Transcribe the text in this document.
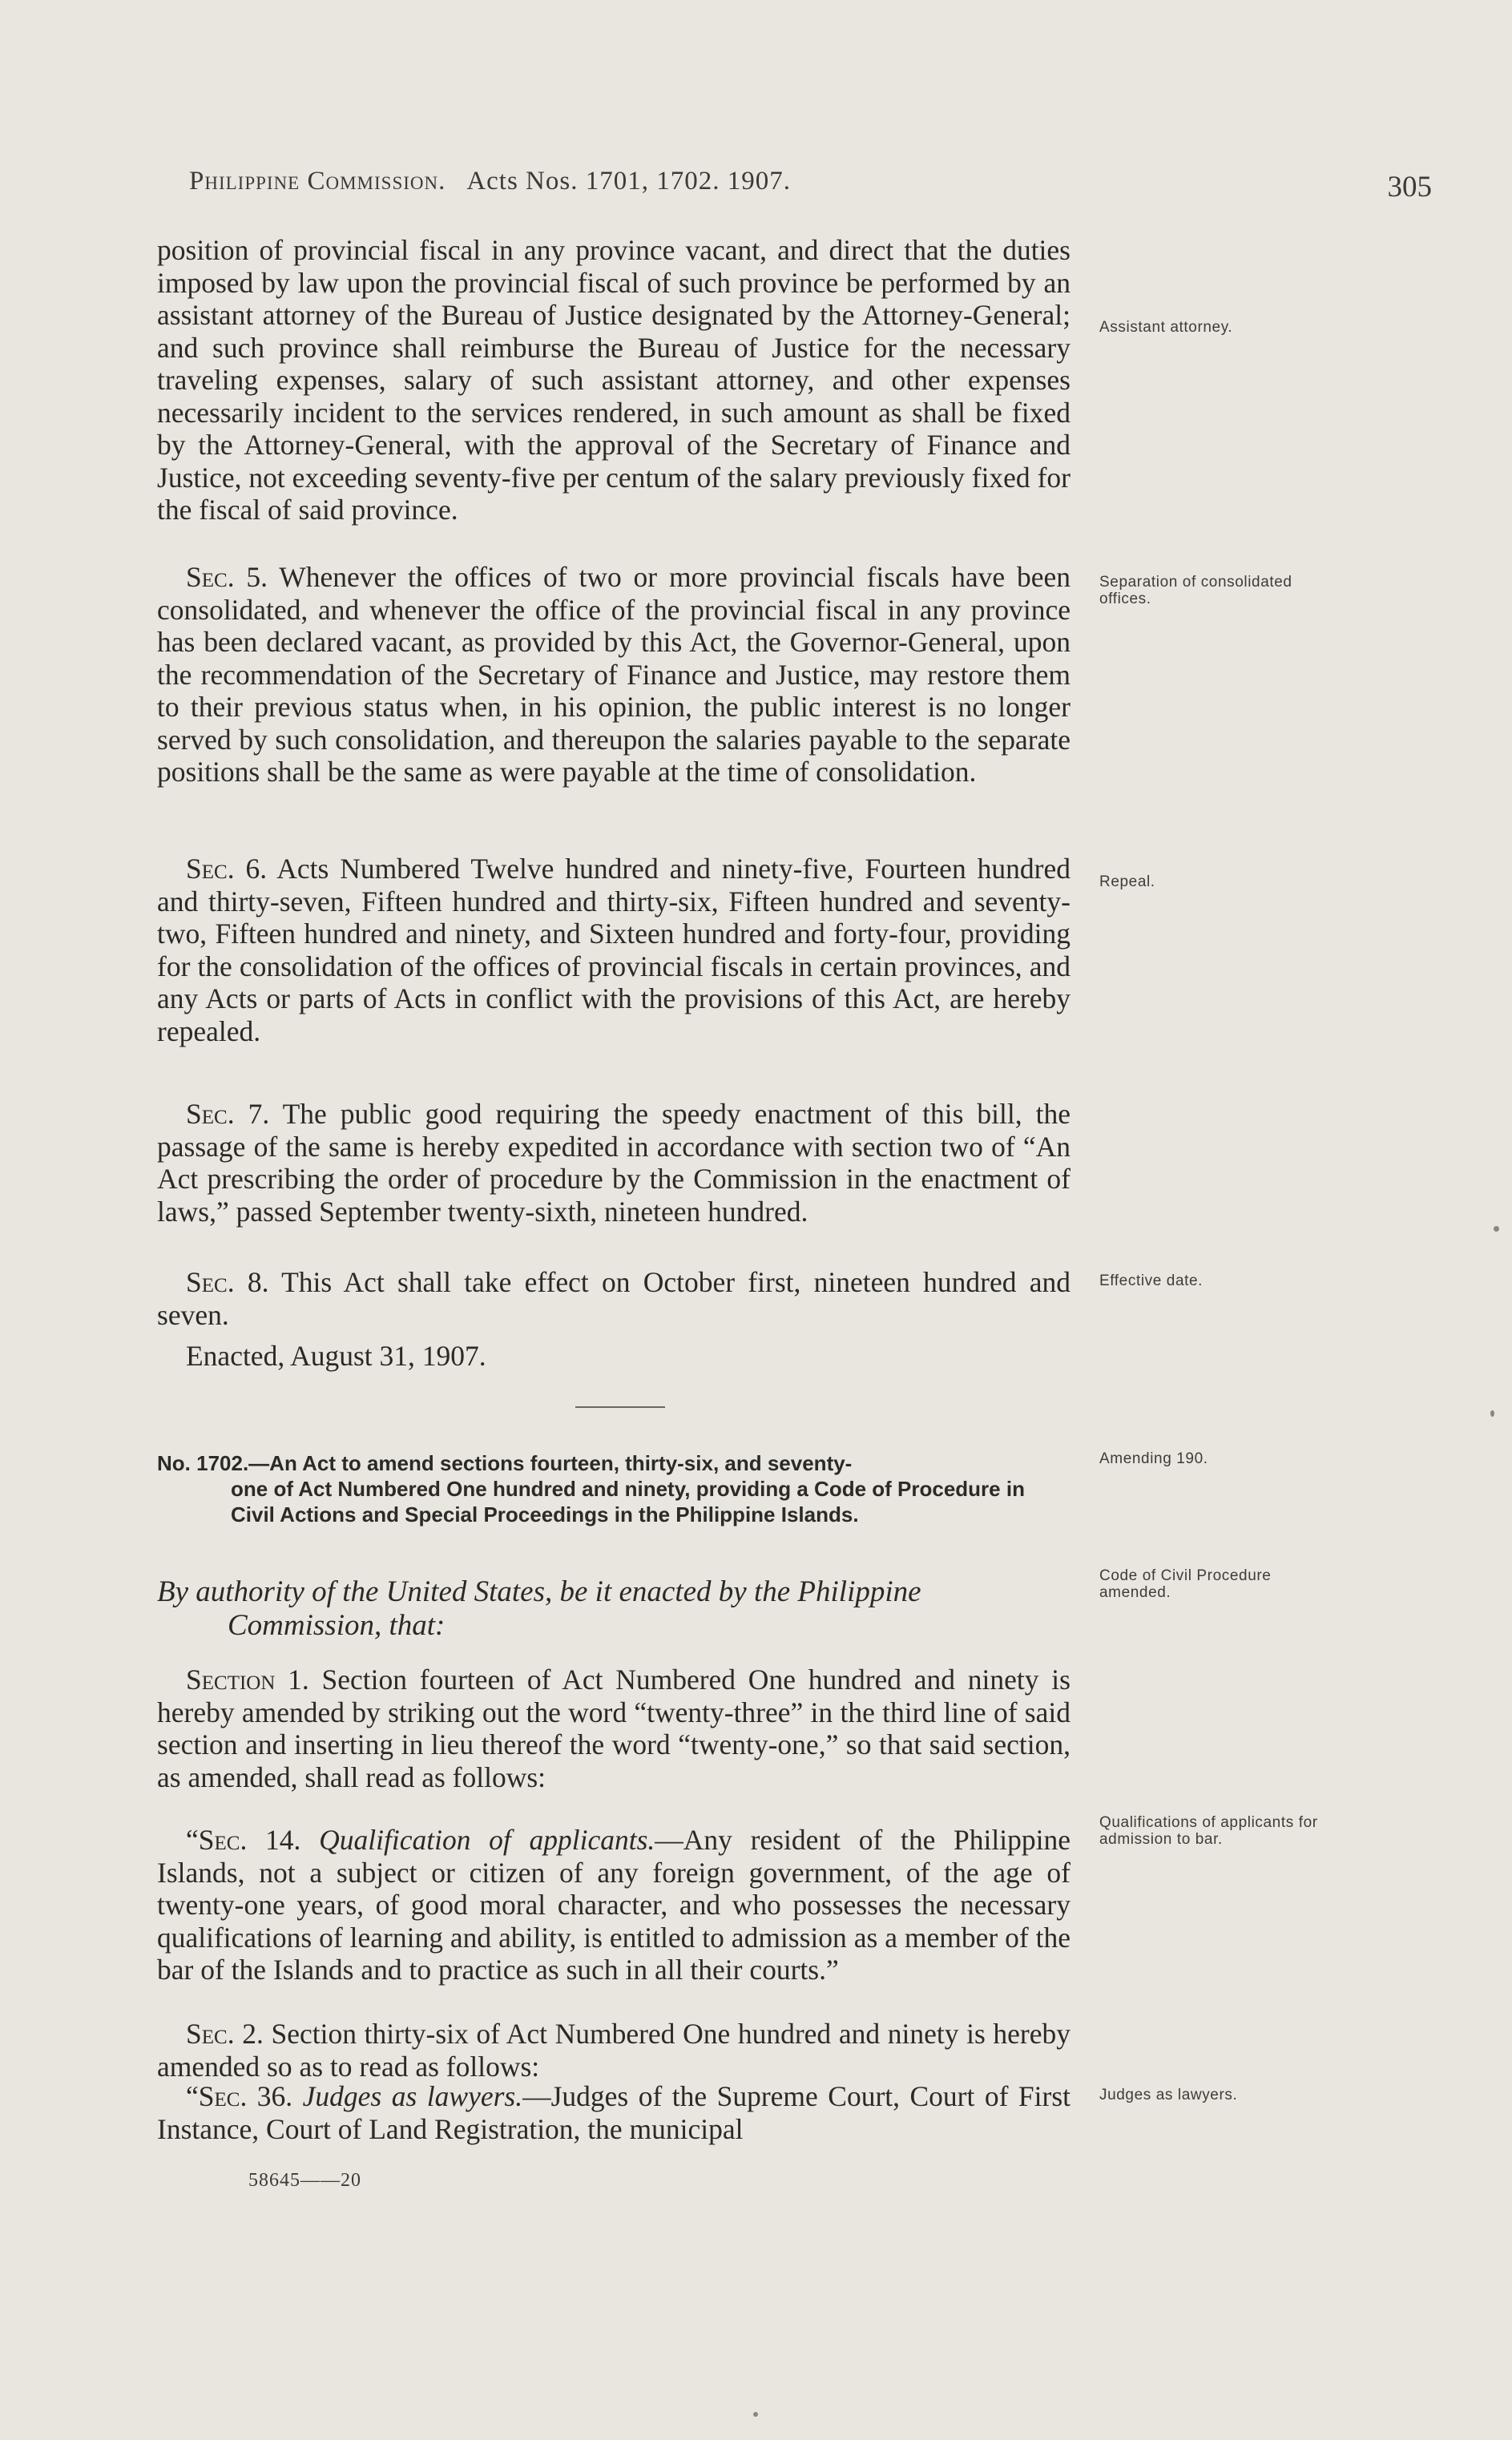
Philippine Commission. Acts Nos. 1701, 1702. 1907.	305

position of provincial fiscal in any province vacant, and direct that the duties imposed by law upon the provincial fiscal of such province be performed by an assistant attorney of the Bureau of Justice designated by the Attorney-General; and such province shall reimburse the Bureau of Justice for the necessary traveling expenses, salary of such assistant attorney, and other expenses necessarily incident to the services rendered, in such amount as shall be fixed by the Attorney-General, with the approval of the Secretary of Finance and Justice, not exceeding seventy-five per centum of the salary previously fixed for the fiscal of said province.

Assistant attorney.

Sec. 5. Whenever the offices of two or more provincial fiscals have been consolidated, and whenever the office of the provincial fiscal in any province has been declared vacant, as provided by this Act, the Governor-General, upon the recommendation of the Secretary of Finance and Justice, may restore them to their previous status when, in his opinion, the public interest is no longer served by such consolidation, and thereupon the salaries payable to the separate positions shall be the same as were payable at the time of consolidation.

Separation of consolidated offices.

Sec. 6. Acts Numbered Twelve hundred and ninety-five, Fourteen hundred and thirty-seven, Fifteen hundred and thirty-six, Fifteen hundred and seventy-two, Fifteen hundred and ninety, and Sixteen hundred and forty-four, providing for the consolidation of the offices of provincial fiscals in certain provinces, and any Acts or parts of Acts in conflict with the provisions of this Act, are hereby repealed.

Repeal.

Sec. 7. The public good requiring the speedy enactment of this bill, the passage of the same is hereby expedited in accordance with section two of “An Act prescribing the order of procedure by the Commission in the enactment of laws,” passed September twenty-sixth, nineteen hundred.

Sec. 8. This Act shall take effect on October first, nineteen hundred and seven.

Effective date.

Enacted, August 31, 1907.

No. 1702.—An Act to amend sections fourteen, thirty-six, and seventy-
one of Act Numbered One hundred and ninety, providing a Code of Procedure in Civil Actions and Special Proceedings in the Philippine Islands.
Amending 190.
By authority of the United States, be it enacted by the Philippine
Commission, that:
Code of Civil Procedure amended.

Section 1. Section fourteen of Act Numbered One hundred and ninety is hereby amended by striking out the word “twenty-three” in the third line of said section and inserting in lieu thereof the word “twenty-one,” so that said section, as amended, shall read as follows:

“Sec. 14. Qualification of applicants.—Any resident of the Philippine Islands, not a subject or citizen of any foreign government, of the age of twenty-one years, of good moral character, and who possesses the necessary qualifications of learning and ability, is entitled to admission as a member of the bar of the Islands and to practice as such in all their courts.”

Qualifications of applicants for admission to bar.

Sec. 2. Section thirty-six of Act Numbered One hundred and ninety is hereby amended so as to read as follows:

“Sec. 36. Judges as lawyers.—Judges of the Supreme Court, Court of First Instance, Court of Land Registration, the municipal

Judges as lawyers.
58645——20
